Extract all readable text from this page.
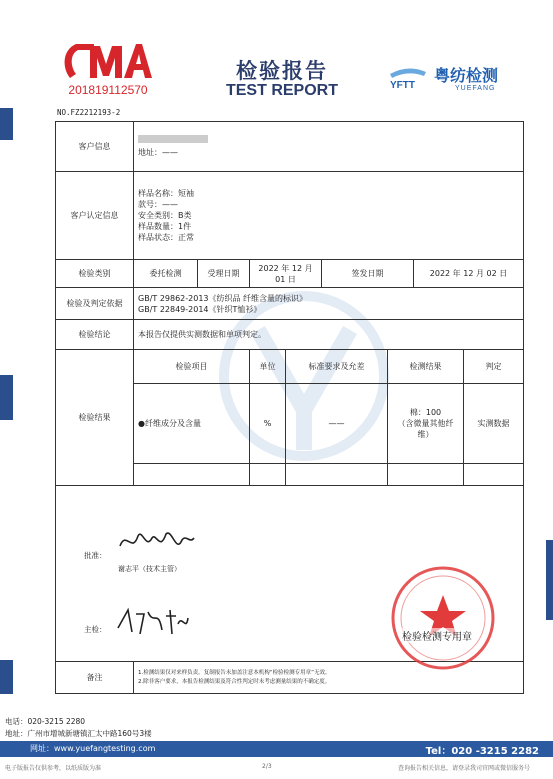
201819112570
检验报告
TEST REPORT	YFTT
粤纺检测
YUEFANG
NO.FZ2212193-2
客户信息	地址：——							

客户认定信息	样品名称：短袖
款号：——
安全类别：B类
样品数量：1件
样品状态：正常							

检验类别	委托检测	受理日期	2022 年 12 月 01 日		签发日期		2022 年 12 月 02 日	
检验及判定依据	GB/T 29862-2013《纺织品 纤维含量的标识》
GB/T 22849-2014《针织T恤衫》							

检验结论	本报告仅提供实测数据和单项判定。							
检验结果	检验项目		单位	标准要求及允差		检测结果		判定
	●纤维成分及含量		%	——		棉：100
（含微量其他纤维）		实测数据

批准：
谢志平（技术主管）
主检：								

备注	1.检测结果仅对来样负责。复制报告未加盖注意本机构“检验检测专用章”无效。
2.除非客户要求，本报告检测结果及符合性判定时未考虑测量结果的不确定度。							
检验检测专用章
电话：020-3215 2280
地址：广州市增城新塘镇汇太中路160号3楼
网址：www.yuefangtesting.com	Tel：020 -3215 2282
电子版报告仅供参考，以纸质版为准	2/3	查询报告相关信息，请登录我司官网或微信服务号
